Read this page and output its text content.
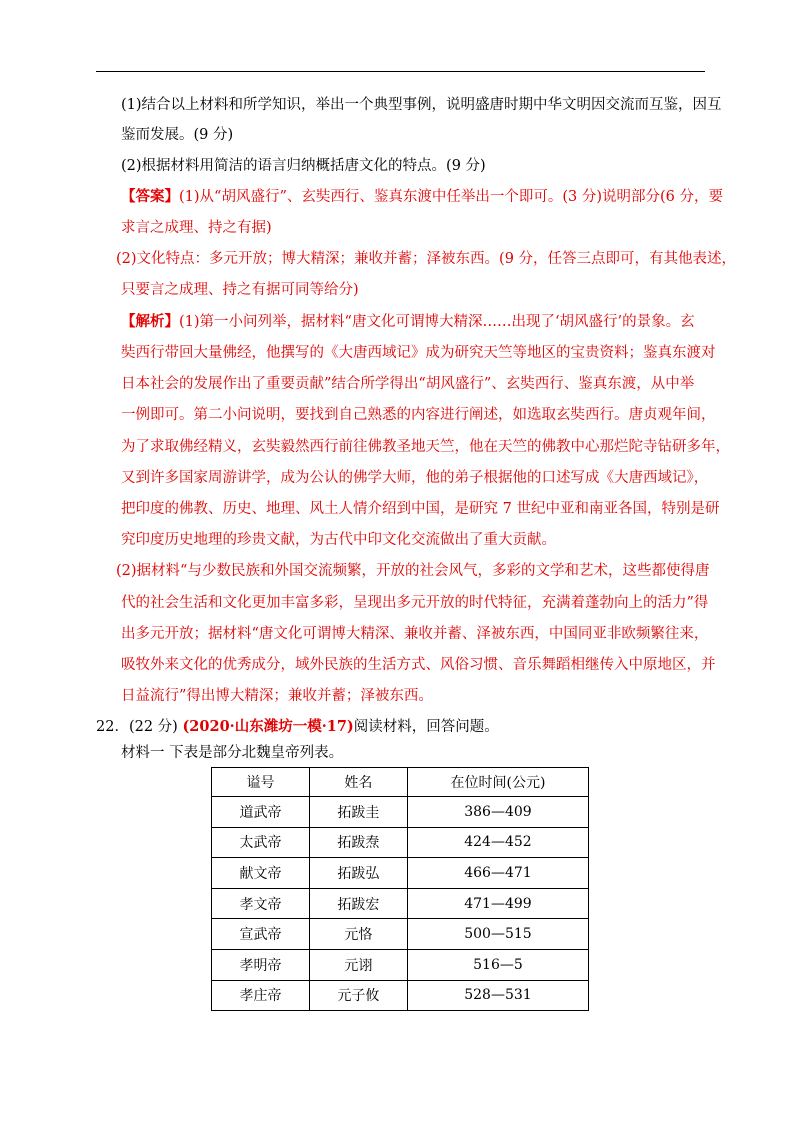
(1)结合以上材料和所学知识，举出一个典型事例，说明盛唐时期中华文明因交流而互鉴，因互
鉴而发展。(9 分)
(2)根据材料用简洁的语言归纳概括唐文化的特点。(9 分)
【答案】(1)从“胡风盛行”、玄奘西行、鉴真东渡中任举出一个即可。(3 分)说明部分(6 分，要
求言之成理、持之有据)
(2)文化特点：多元开放；博大精深；兼收并蓄；泽被东西。(9 分，任答三点即可，有其他表述，
只要言之成理、持之有据可同等给分)
【解析】(1)第一小问列举，据材料“唐文化可谓博大精深……出现了‘胡风盛行’的景象。玄
奘西行带回大量佛经，他撰写的《大唐西域记》成为研究天竺等地区的宝贵资料；鉴真东渡对
日本社会的发展作出了重要贡献”结合所学得出“胡风盛行”、玄奘西行、鉴真东渡，从中举
一例即可。第二小问说明，要找到自己熟悉的内容进行阐述，如选取玄奘西行。唐贞观年间，
为了求取佛经精义，玄奘毅然西行前往佛教圣地天竺，他在天竺的佛教中心那烂陀寺钻研多年，
又到许多国家周游讲学，成为公认的佛学大师，他的弟子根据他的口述写成《大唐西域记》，
把印度的佛教、历史、地理、风土人情介绍到中国，是研究 7 世纪中亚和南亚各国，特别是研
究印度历史地理的珍贵文献，为古代中印文化交流做出了重大贡献。
(2)据材料“与少数民族和外国交流频繁，开放的社会风气，多彩的文学和艺术，这些都使得唐
代的社会生活和文化更加丰富多彩，呈现出多元开放的时代特征，充满着蓬勃向上的活力”得
出多元开放；据材料“唐文化可谓博大精深、兼收并蓄、泽被东西，中国同亚非欧频繁往来，
吸牧外来文化的优秀成分，域外民族的生活方式、风俗习惯、音乐舞蹈相继传入中原地区，并
日益流行”得出博大精深；兼收并蓄；泽被东西。
22．(22 分) (2020·山东潍坊一模·17)阅读材料，回答问题。
材料一 下表是部分北魏皇帝列表。
谥号	姓名	在位时间(公元)
道武帝	拓跋圭	386—409
太武帝	拓跋焘	424—452
献文帝	拓跋弘	466—471
孝文帝	拓跋宏	471—499
宣武帝	元恪	500—515
孝明帝	元诩	516—5
孝庄帝	元子攸	528—531
